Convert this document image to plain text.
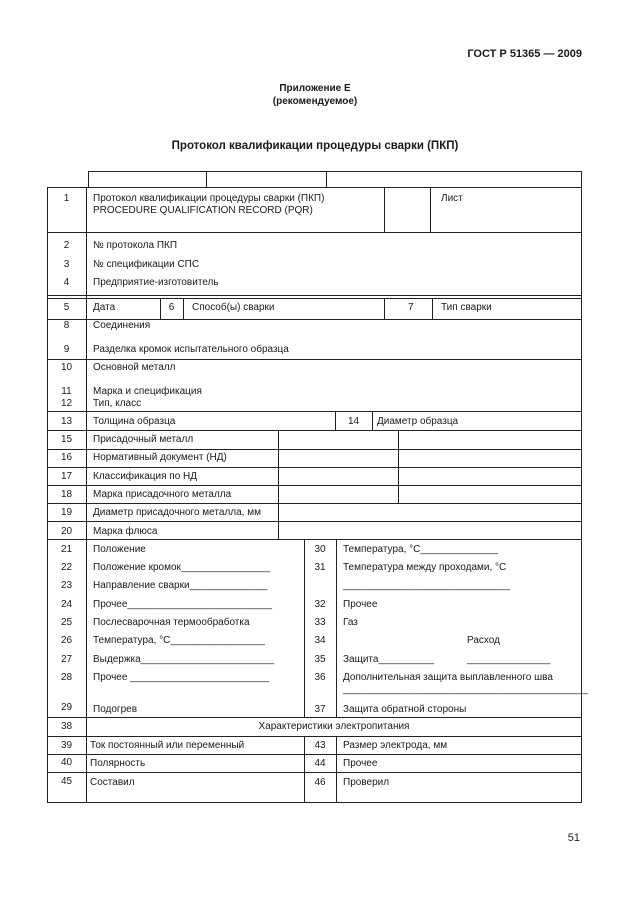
ГОСТ Р 51365 — 2009
Приложение Е
(рекомендуемое)
Протокол квалификации процедуры сварки (ПКП)
1	Протокол квалификации процедуры сварки (ПКП)
PROCEDURE QUALIFICATION RECORD (PQR)
Лист
2	№ протокола ПКП
3	№ спецификации СПС
4	Предприятие-изготовитель
5	Дата	6	Способ(ы) сварки	7	Тип сварки
8	Соединения
9	Разделка кромок испытательного образца
10	Основной металл
11	Марка и спецификация
12	Тип, класс
13	Толщина образца	14	Диаметр образца
15	Присадочный металл
16	Нормативный документ (НД)
17	Классификация по НД
18	Марка присадочного металла
19	Диаметр присадочного металла, мм
20	Марка флюса
21	Положение
22	Положение кромок________________
23	Направление сварки______________
24	Прочее__________________________
25	Послесварочная термообработка
26	Температура, °С_________________
27	Выдержка________________________
28	Прочее _________________________
29	Подогрев
30	Температура, °С______________
31	Температура между проходами, °С
______________________________
32	Прочее
33	Газ
34	Расход
35	Защита__________	_______________
36	Дополнительная защита выплавленного шва
____________________________________________
37	Защита обратной стороны
38	Характеристики электропитания
39	Ток постоянный или переменный	43	Размер электрода, мм
40	Полярность	44	Прочее
45	Составил	46	Проверил
51
